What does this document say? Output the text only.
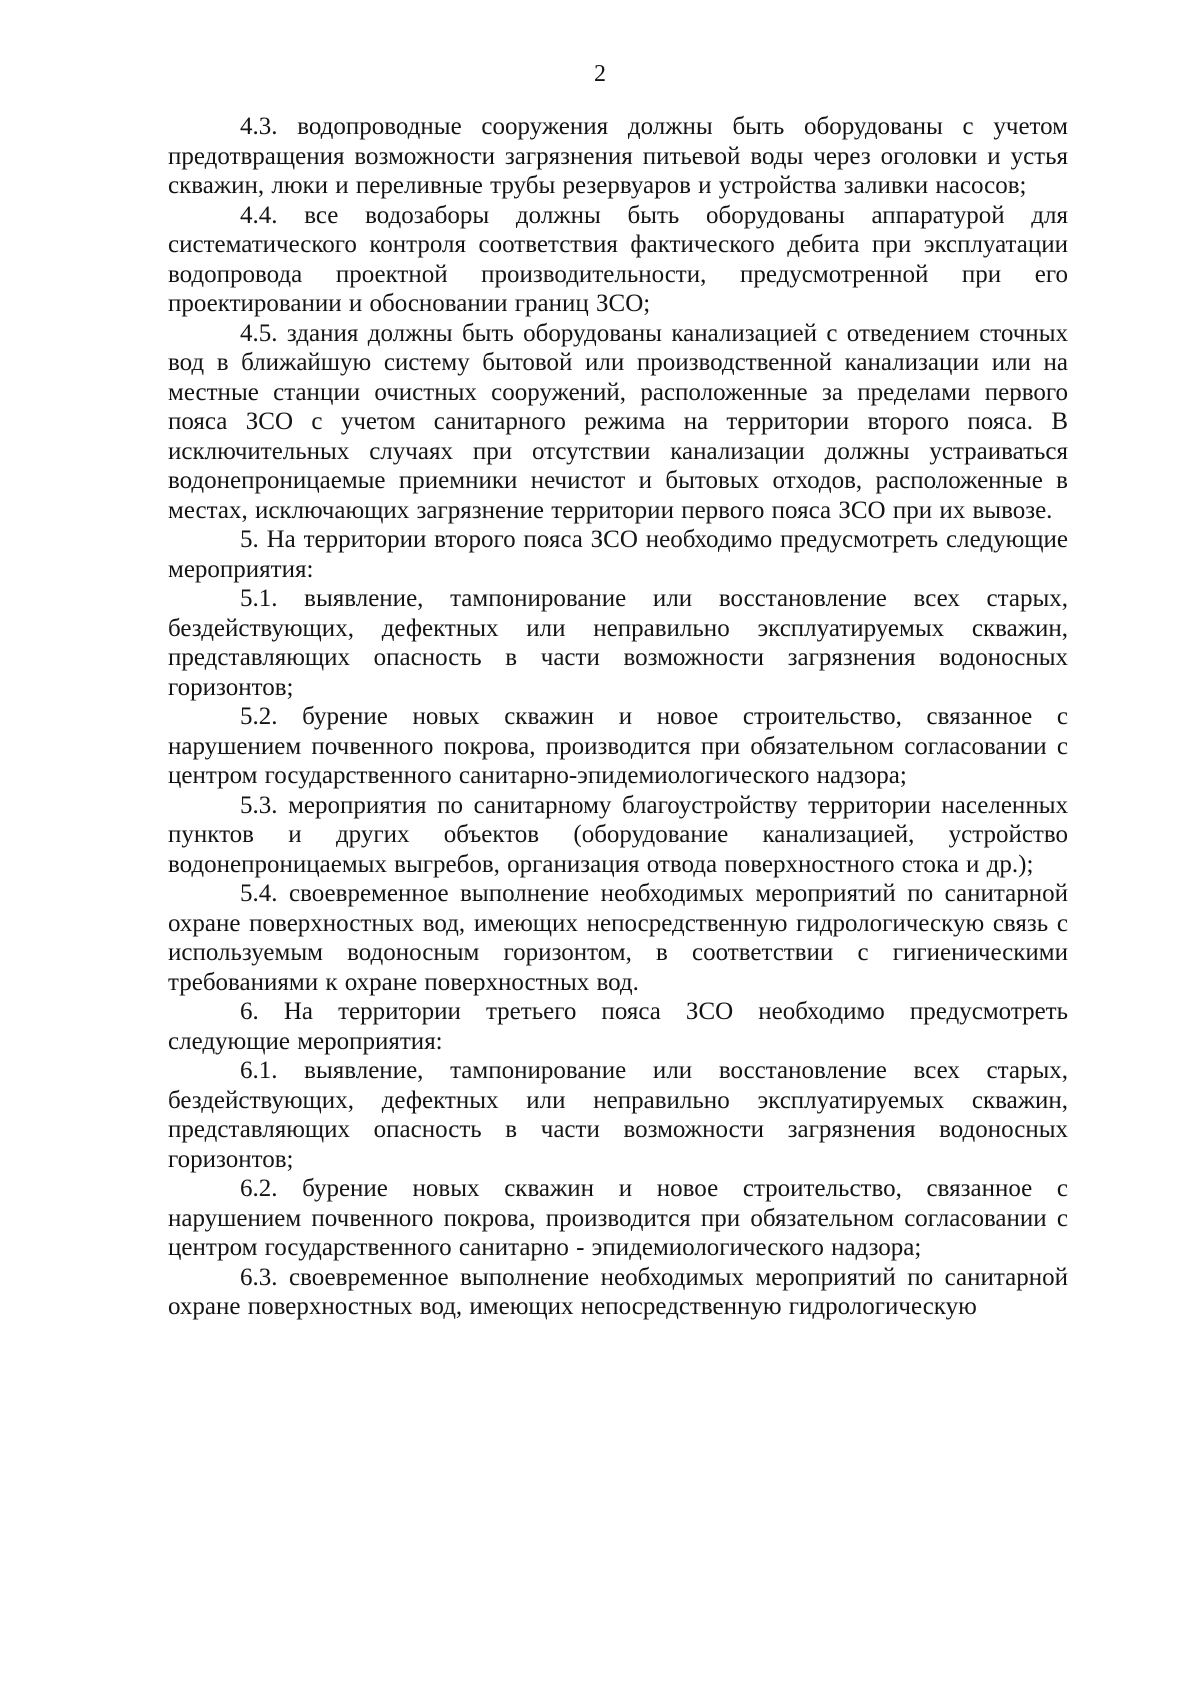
2

4.3. водопроводные сооружения должны быть оборудованы с учетом предотвращения возможности загрязнения питьевой воды через оголовки и устья скважин, люки и переливные трубы резервуаров и устройства заливки насосов;

4.4. все водозаборы должны быть оборудованы аппаратурой для систематического контроля соответствия фактического дебита при эксплуатации водопровода проектной производительности, предусмотренной при его проектировании и обосновании границ ЗСО;

4.5. здания должны быть оборудованы канализацией с отведением сточных вод в ближайшую систему бытовой или производственной канализации или на местные станции очистных сооружений, расположенные за пределами первого пояса ЗСО с учетом санитарного режима на территории второго пояса. В исключительных случаях при отсутствии канализации должны устраиваться водонепроницаемые приемники нечистот и бытовых отходов, расположенные в местах, исключающих загрязнение территории первого пояса ЗСО при их вывозе.

5. На территории второго пояса ЗСО необходимо предусмотреть следующие мероприятия:

5.1. выявление, тампонирование или восстановление всех старых, бездействующих, дефектных или неправильно эксплуатируемых скважин, представляющих опасность в части возможности загрязнения водоносных горизонтов;

5.2. бурение новых скважин и новое строительство, связанное с нарушением почвенного покрова, производится при обязательном согласовании с центром государственного санитарно-эпидемиологического надзора;

5.3. мероприятия по санитарному благоустройству территории населенных пунктов и других объектов (оборудование канализацией, устройство водонепроницаемых выгребов, организация отвода поверхностного стока и др.);

5.4. своевременное выполнение необходимых мероприятий по санитарной охране поверхностных вод, имеющих непосредственную гидрологическую связь с используемым водоносным горизонтом, в соответствии с гигиеническими требованиями к охране поверхностных вод.

6. На территории третьего пояса ЗСО необходимо предусмотреть следующие мероприятия:

6.1. выявление, тампонирование или восстановление всех старых, бездействующих, дефектных или неправильно эксплуатируемых скважин, представляющих опасность в части возможности загрязнения водоносных горизонтов;

6.2. бурение новых скважин и новое строительство, связанное с нарушением почвенного покрова, производится при обязательном согласовании с центром государственного санитарно - эпидемиологического надзора;

6.3. своевременное выполнение необходимых мероприятий по санитарной охране поверхностных вод, имеющих непосредственную гидрологическую
